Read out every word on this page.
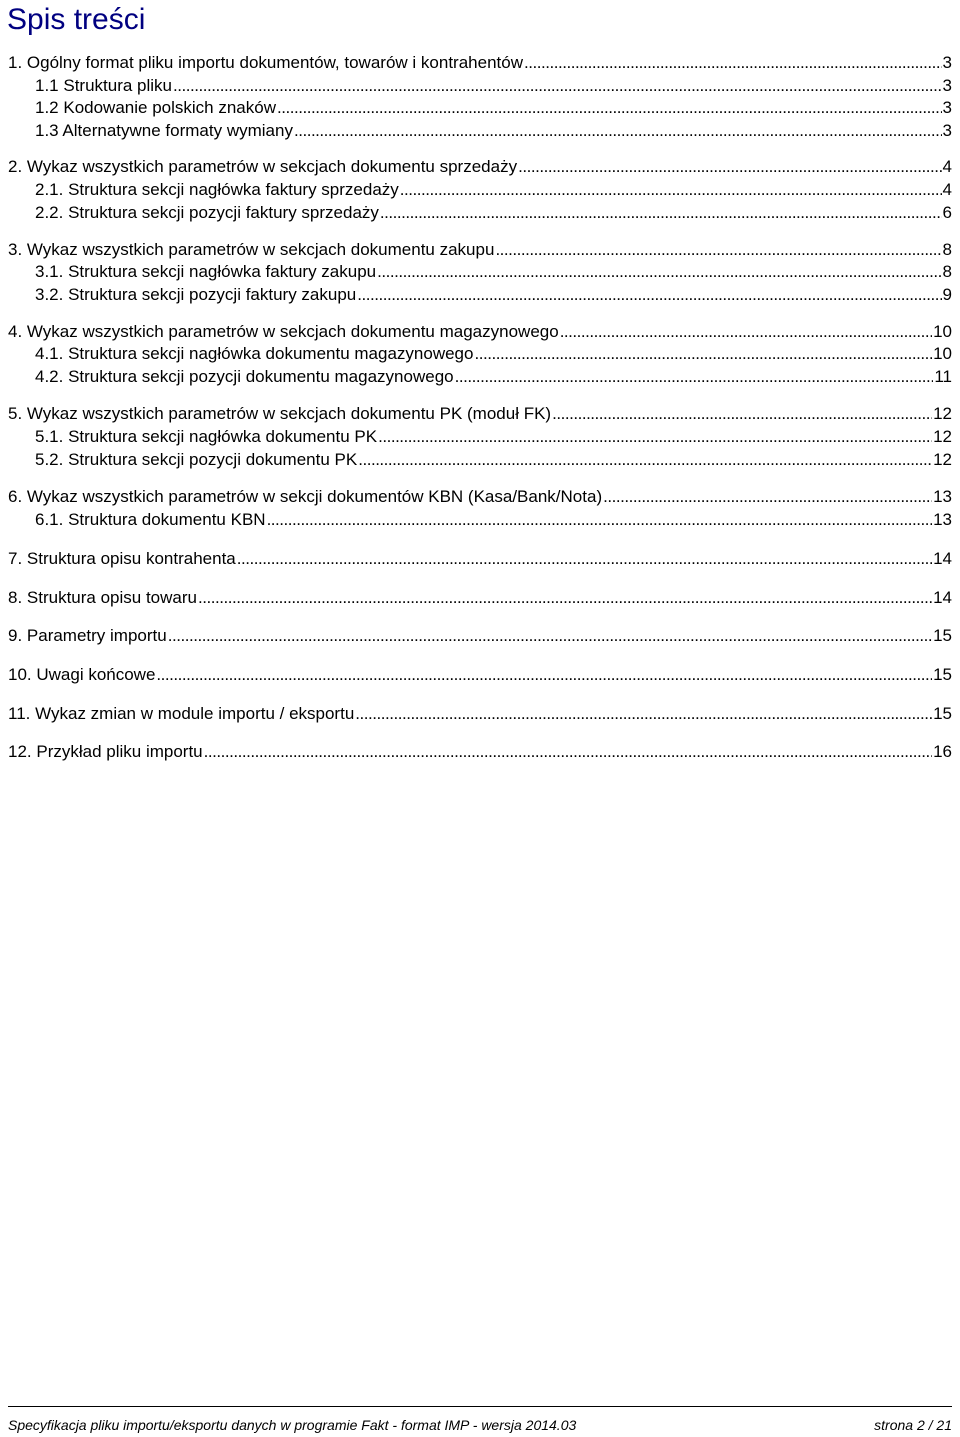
Spis treści
1. Ogólny format pliku importu dokumentów, towarów i kontrahentów . . .	3
1.1 Struktura pliku . . .	3
1.2 Kodowanie polskich znaków . . .	3
1.3 Alternatywne formaty wymiany . . .	3
2. Wykaz wszystkich parametrów w sekcjach dokumentu sprzedaży . . .	4
2.1. Struktura sekcji nagłówka faktury sprzedaży . . .	4
2.2. Struktura sekcji pozycji faktury sprzedaży . . .	6
3. Wykaz wszystkich parametrów w sekcjach dokumentu zakupu . . .	8
3.1. Struktura sekcji nagłówka faktury zakupu . . .	8
3.2. Struktura sekcji pozycji faktury zakupu . . .	9
4. Wykaz wszystkich parametrów w sekcjach dokumentu magazynowego . . .	10
4.1. Struktura sekcji nagłówka dokumentu magazynowego . . .	10
4.2. Struktura sekcji pozycji dokumentu magazynowego . . .	11
5. Wykaz wszystkich parametrów w sekcjach dokumentu PK (moduł FK) . . .	12
5.1. Struktura sekcji nagłówka dokumentu PK . . .	12
5.2. Struktura sekcji pozycji dokumentu PK . . .	12
6. Wykaz wszystkich parametrów w sekcji dokumentów KBN (Kasa/Bank/Nota) . . .	13
6.1. Struktura dokumentu KBN . . .	13
7. Struktura opisu kontrahenta . . .	14
8. Struktura opisu towaru . . .	14
9. Parametry importu . . .	15
10. Uwagi końcowe . . .	15
11. Wykaz zmian w module importu / eksportu . . .	15
12. Przykład pliku importu . . .	16
Specyfikacja pliku importu/eksportu danych w programie Fakt - format IMP - wersja 2014.03	strona 2 / 21
